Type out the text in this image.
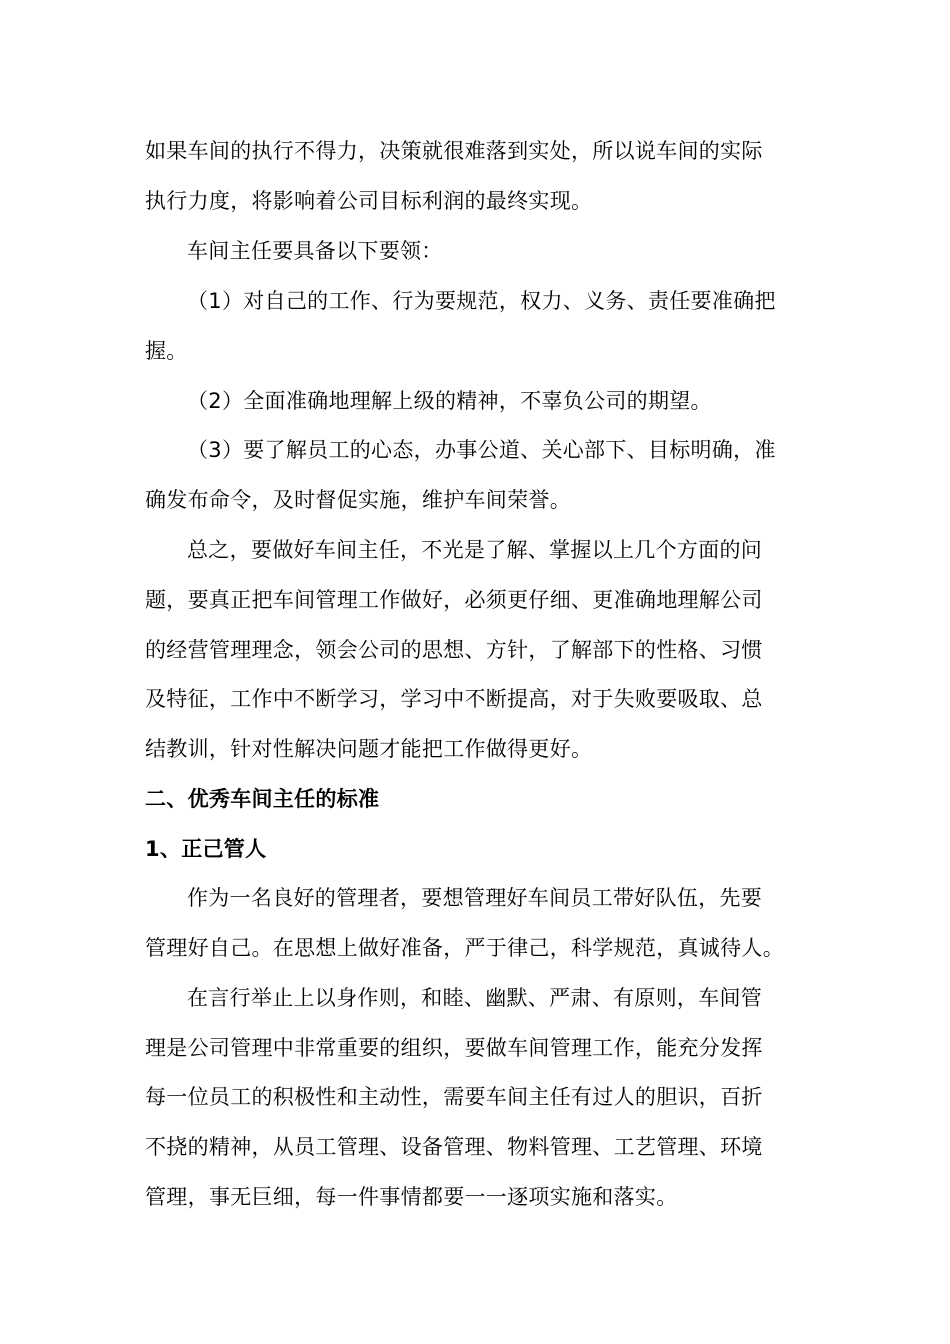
如果车间的执行不得力，决策就很难落到实处，所以说车间的实际

执行力度，将影响着公司目标利润的最终实现。

车间主任要具备以下要领：

（1）对自己的工作、行为要规范，权力、义务、责任要准确把

握。

（2）全面准确地理解上级的精神，不辜负公司的期望。

（3）要了解员工的心态，办事公道、关心部下、目标明确，准

确发布命令，及时督促实施，维护车间荣誉。

总之，要做好车间主任，不光是了解、掌握以上几个方面的问

题，要真正把车间管理工作做好，必须更仔细、更准确地理解公司

的经营管理理念，领会公司的思想、方针，了解部下的性格、习惯

及特征，工作中不断学习，学习中不断提高，对于失败要吸取、总

结教训，针对性解决问题才能把工作做得更好。

二、优秀车间主任的标准

1、正己管人

作为一名良好的管理者，要想管理好车间员工带好队伍，先要

管理好自己。在思想上做好准备，严于律己，科学规范，真诚待人。

在言行举止上以身作则，和睦、幽默、严肃、有原则，车间管

理是公司管理中非常重要的组织，要做车间管理工作，能充分发挥

每一位员工的积极性和主动性，需要车间主任有过人的胆识，百折

不挠的精神，从员工管理、设备管理、物料管理、工艺管理、环境

管理，事无巨细，每一件事情都要一一逐项实施和落实。
